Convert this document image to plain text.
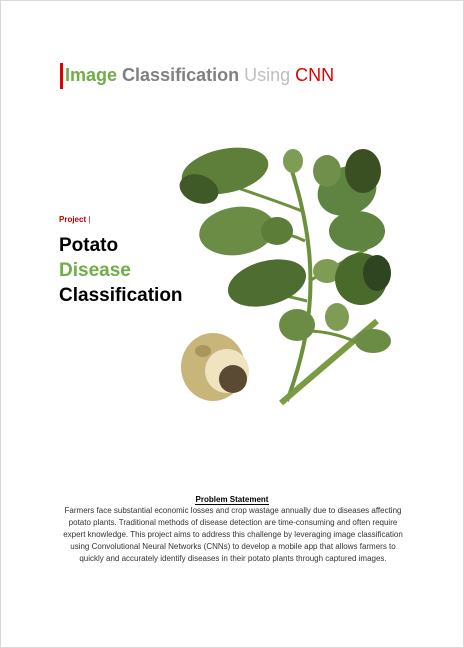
Image Classification Using CNN
Project |
Potato
Disease
Classification
Problem Statement
Farmers face substantial economic losses and crop wastage annually due to diseases affecting potato plants. Traditional methods of disease detection are time-consuming and often require expert knowledge. This project aims to address this challenge by leveraging image classification using Convolutional Neural Networks (CNNs) to develop a mobile app that allows farmers to quickly and accurately identify diseases in their potato plants through captured images.
